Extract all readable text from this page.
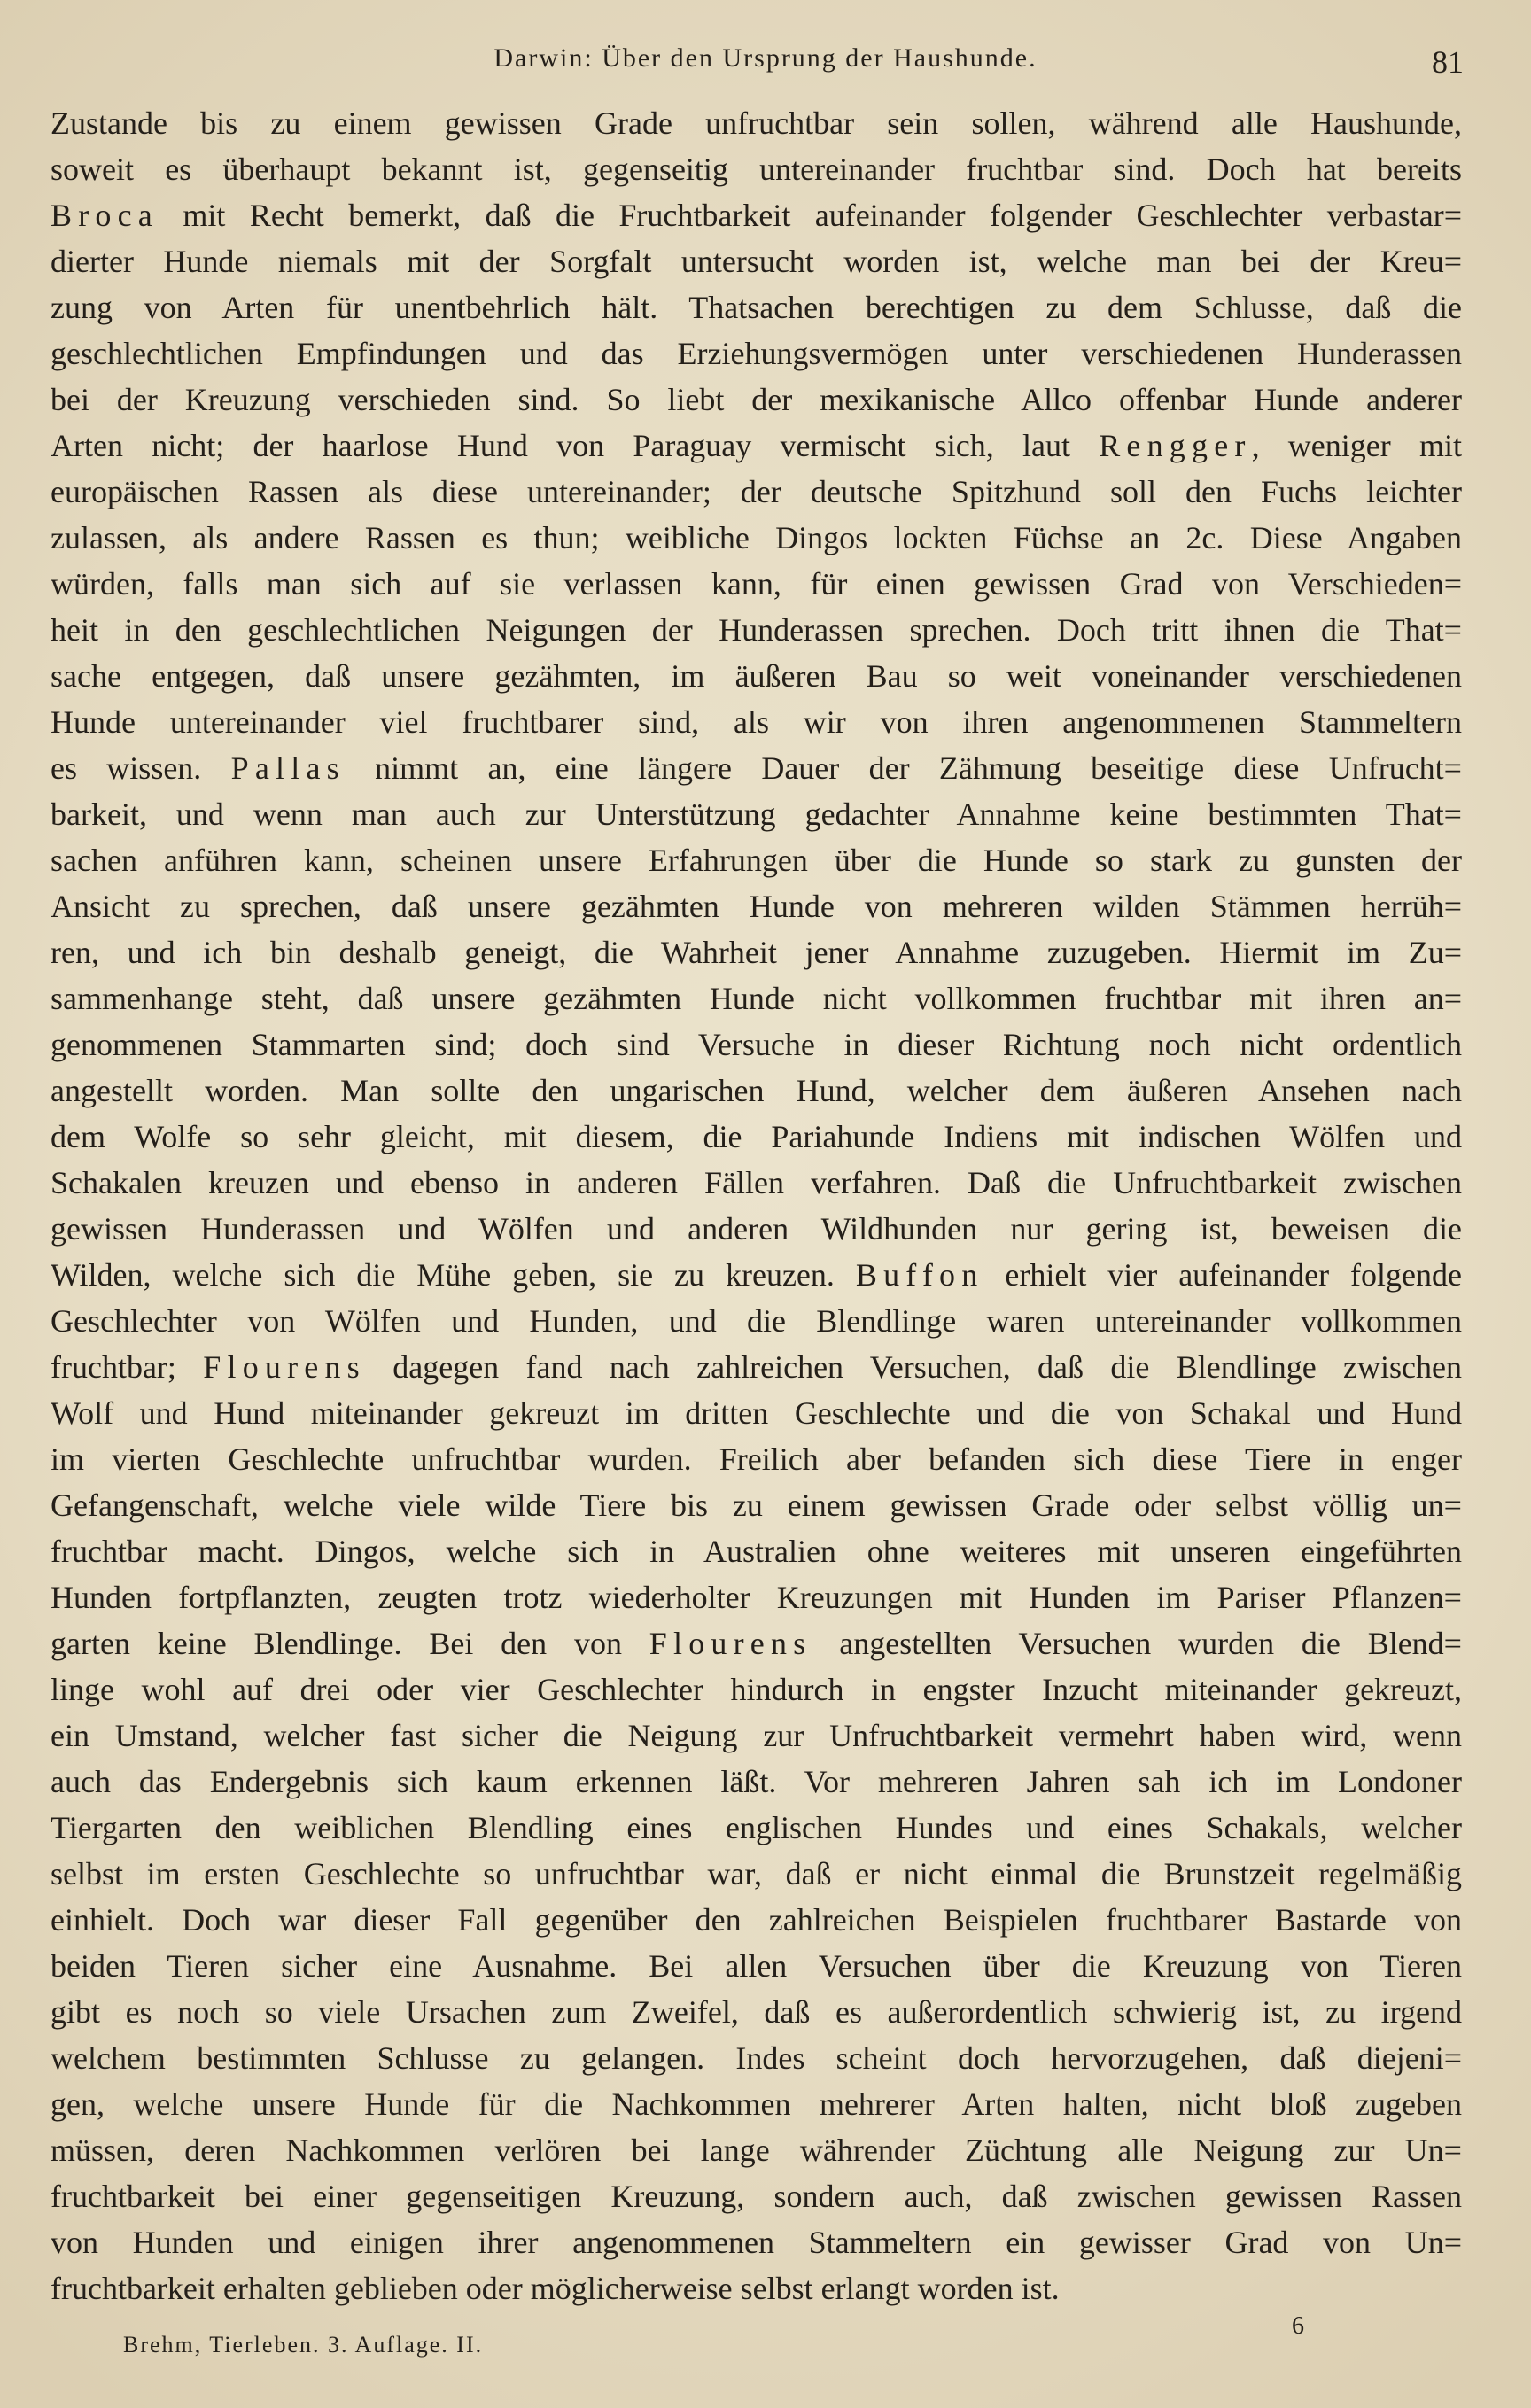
Darwin: Über den Ursprung der Haushunde.	81
Zustande bis zu einem gewissen Grade unfruchtbar sein sollen, während alle Haushunde,
soweit es überhaupt bekannt ist, gegenseitig untereinander fruchtbar sind. Doch hat bereits
Broca mit Recht bemerkt, daß die Fruchtbarkeit aufeinander folgender Geschlechter verbastar=
dierter Hunde niemals mit der Sorgfalt untersucht worden ist, welche man bei der Kreu=
zung von Arten für unentbehrlich hält. Thatsachen berechtigen zu dem Schlusse, daß die
geschlechtlichen Empfindungen und das Erziehungsvermögen unter verschiedenen Hunderassen
bei der Kreuzung verschieden sind. So liebt der mexikanische Allco offenbar Hunde anderer
Arten nicht; der haarlose Hund von Paraguay vermischt sich, laut Rengger, weniger mit
europäischen Rassen als diese untereinander; der deutsche Spitzhund soll den Fuchs leichter
zulassen, als andere Rassen es thun; weibliche Dingos lockten Füchse an 2c. Diese Angaben
würden, falls man sich auf sie verlassen kann, für einen gewissen Grad von Verschieden=
heit in den geschlechtlichen Neigungen der Hunderassen sprechen. Doch tritt ihnen die That=
sache entgegen, daß unsere gezähmten, im äußeren Bau so weit voneinander verschiedenen
Hunde untereinander viel fruchtbarer sind, als wir von ihren angenommenen Stammeltern
es wissen. Pallas nimmt an, eine längere Dauer der Zähmung beseitige diese Unfrucht=
barkeit, und wenn man auch zur Unterstützung gedachter Annahme keine bestimmten That=
sachen anführen kann, scheinen unsere Erfahrungen über die Hunde so stark zu gunsten der
Ansicht zu sprechen, daß unsere gezähmten Hunde von mehreren wilden Stämmen herrüh=
ren, und ich bin deshalb geneigt, die Wahrheit jener Annahme zuzugeben. Hiermit im Zu=
sammenhange steht, daß unsere gezähmten Hunde nicht vollkommen fruchtbar mit ihren an=
genommenen Stammarten sind; doch sind Versuche in dieser Richtung noch nicht ordentlich
angestellt worden. Man sollte den ungarischen Hund, welcher dem äußeren Ansehen nach
dem Wolfe so sehr gleicht, mit diesem, die Pariahunde Indiens mit indischen Wölfen und
Schakalen kreuzen und ebenso in anderen Fällen verfahren. Daß die Unfruchtbarkeit zwischen
gewissen Hunderassen und Wölfen und anderen Wildhunden nur gering ist, beweisen die
Wilden, welche sich die Mühe geben, sie zu kreuzen. Buffon erhielt vier aufeinander folgende
Geschlechter von Wölfen und Hunden, und die Blendlinge waren untereinander vollkommen
fruchtbar; Flourens dagegen fand nach zahlreichen Versuchen, daß die Blendlinge zwischen
Wolf und Hund miteinander gekreuzt im dritten Geschlechte und die von Schakal und Hund
im vierten Geschlechte unfruchtbar wurden. Freilich aber befanden sich diese Tiere in enger
Gefangenschaft, welche viele wilde Tiere bis zu einem gewissen Grade oder selbst völlig un=
fruchtbar macht. Dingos, welche sich in Australien ohne weiteres mit unseren eingeführten
Hunden fortpflanzten, zeugten trotz wiederholter Kreuzungen mit Hunden im Pariser Pflanzen=
garten keine Blendlinge. Bei den von Flourens angestellten Versuchen wurden die Blend=
linge wohl auf drei oder vier Geschlechter hindurch in engster Inzucht miteinander gekreuzt,
ein Umstand, welcher fast sicher die Neigung zur Unfruchtbarkeit vermehrt haben wird, wenn
auch das Endergebnis sich kaum erkennen läßt. Vor mehreren Jahren sah ich im Londoner
Tiergarten den weiblichen Blendling eines englischen Hundes und eines Schakals, welcher
selbst im ersten Geschlechte so unfruchtbar war, daß er nicht einmal die Brunstzeit regelmäßig
einhielt. Doch war dieser Fall gegenüber den zahlreichen Beispielen fruchtbarer Bastarde von
beiden Tieren sicher eine Ausnahme. Bei allen Versuchen über die Kreuzung von Tieren
gibt es noch so viele Ursachen zum Zweifel, daß es außerordentlich schwierig ist, zu irgend
welchem bestimmten Schlusse zu gelangen. Indes scheint doch hervorzugehen, daß diejeni=
gen, welche unsere Hunde für die Nachkommen mehrerer Arten halten, nicht bloß zugeben
müssen, deren Nachkommen verlören bei lange währender Züchtung alle Neigung zur Un=
fruchtbarkeit bei einer gegenseitigen Kreuzung, sondern auch, daß zwischen gewissen Rassen
von Hunden und einigen ihrer angenommenen Stammeltern ein gewisser Grad von Un=
fruchtbarkeit erhalten geblieben oder möglicherweise selbst erlangt worden ist.
Brehm, Tierleben. 3. Auflage. II.
6
